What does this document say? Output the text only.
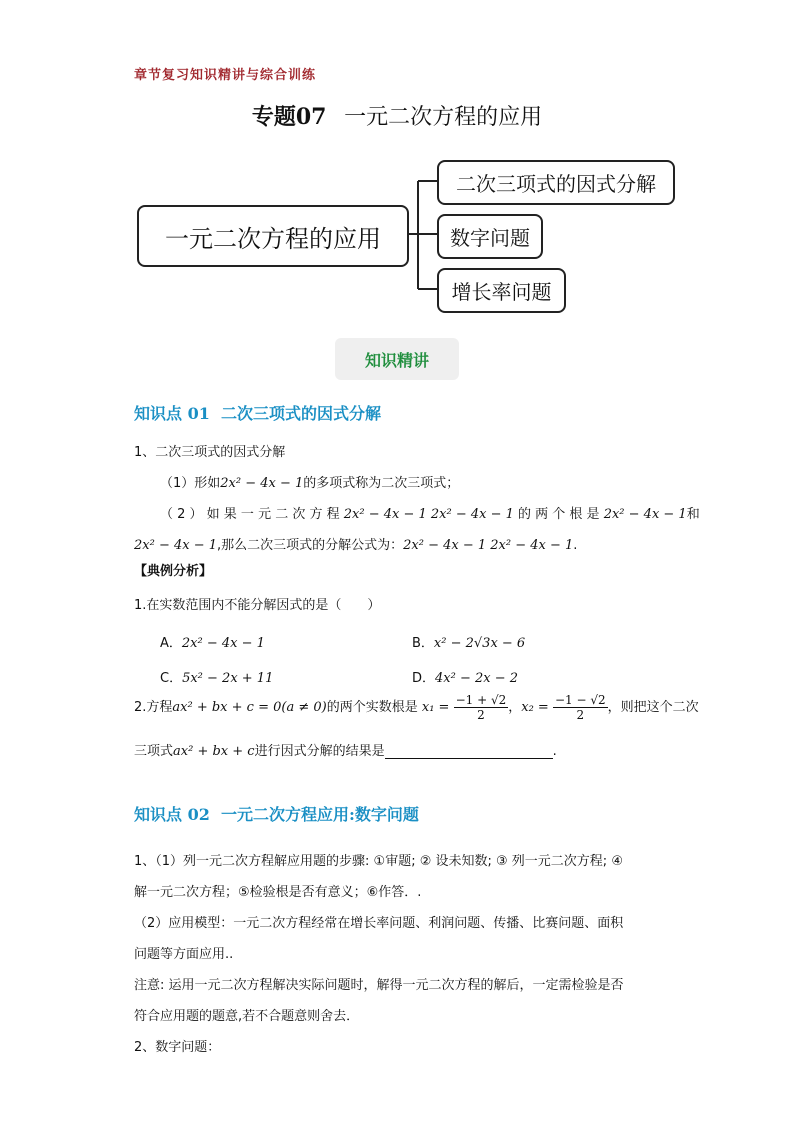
章节复习知识精讲与综合训练
专题07 一元二次方程的应用
一元二次方程的应用
二次三项式的因式分解
数字问题
增长率问题
知识精讲
知识点 01 二次三项式的因式分解
1、二次三项式的因式分解
（1）形如2x² − 4x − 1的多项式称为二次三项式；
（ 2 ） 如 果 一 元 二 次 方 程 2x² − 4x − 1 2x² − 4x − 1 的 两 个 根 是 2x² − 4x − 1和
2x² − 4x − 1,那么二次三项式的分解公式为：2x² − 4x − 1 2x² − 4x − 1.
【典例分析】
1.在实数范围内不能分解因式的是（　　）
A．2x² − 4x − 1	B．x² − 2√3x − 6
C．5x² − 2x + 11	D．4x² − 2x − 2
2.方程ax² + bx + c = 0(a ≠ 0)的两个实数根是 $x_1 = \frac{-1 + √2}{2}$ ，$x_2 = \frac{-1 - √2}{2}$ ，则把这个二次
三项式ax² + bx + c进行因式分解的结果是	.
知识点 02 一元二次方程应用:数字问题
1、（1）列一元二次方程解应用题的步骤: ①审题; ② 设未知数; ③ 列一元二次方程; ④
解一元二次方程；⑤检验根是否有意义；⑥作答．.
（2）应用模型：一元二次方程经常在增长率问题、利润问题、传播、比赛问题、面积
问题等方面应用..
注意: 运用一元二次方程解决实际问题时，解得一元二次方程的解后，一定需检验是否
符合应用题的题意,若不合题意则舍去．
2、数字问题：
